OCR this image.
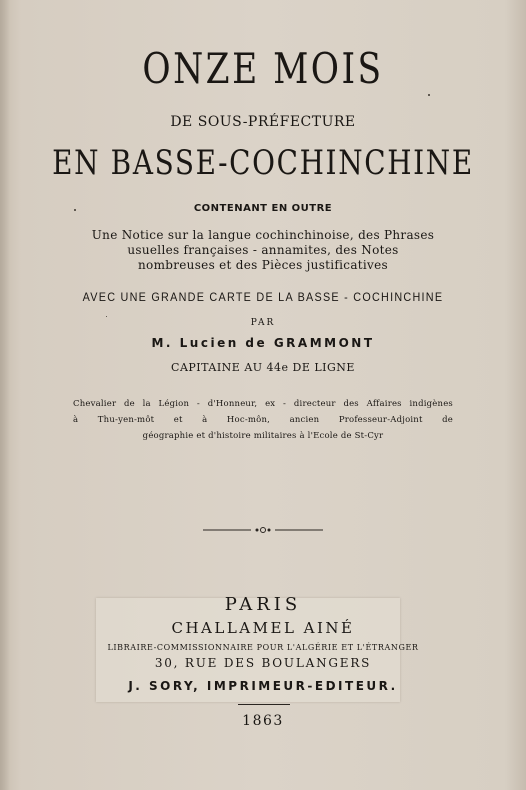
ONZE MOIS
DE SOUS-PRÉFECTURE
EN BASSE-COCHINCHINE
CONTENANT EN OUTRE
Une Notice sur la langue cochinchinoise, des Phrases
usuelles françaises - annamites, des Notes
nombreuses et des Pièces justificatives
AVEC UNE GRANDE CARTE DE LA BASSE - COCHINCHINE
PAR
M. Lucien de GRAMMONT
CAPITAINE AU 44e DE LIGNE
Chevalier de la Légion - d'Honneur, ex - directeur des Affaires indigènes
à Thu-yen-môt et à Hoc-môn, ancien Professeur-Adjoint de
géographie et d'histoire militaires à l'Ecole de St-Cyr
PARIS
CHALLAMEL AINÉ
LIBRAIRE-COMMISSIONNAIRE POUR L'ALGÉRIE ET L'ÉTRANGER
30, RUE DES BOULANGERS
J. SORY, IMPRIMEUR-EDITEUR.
1863
